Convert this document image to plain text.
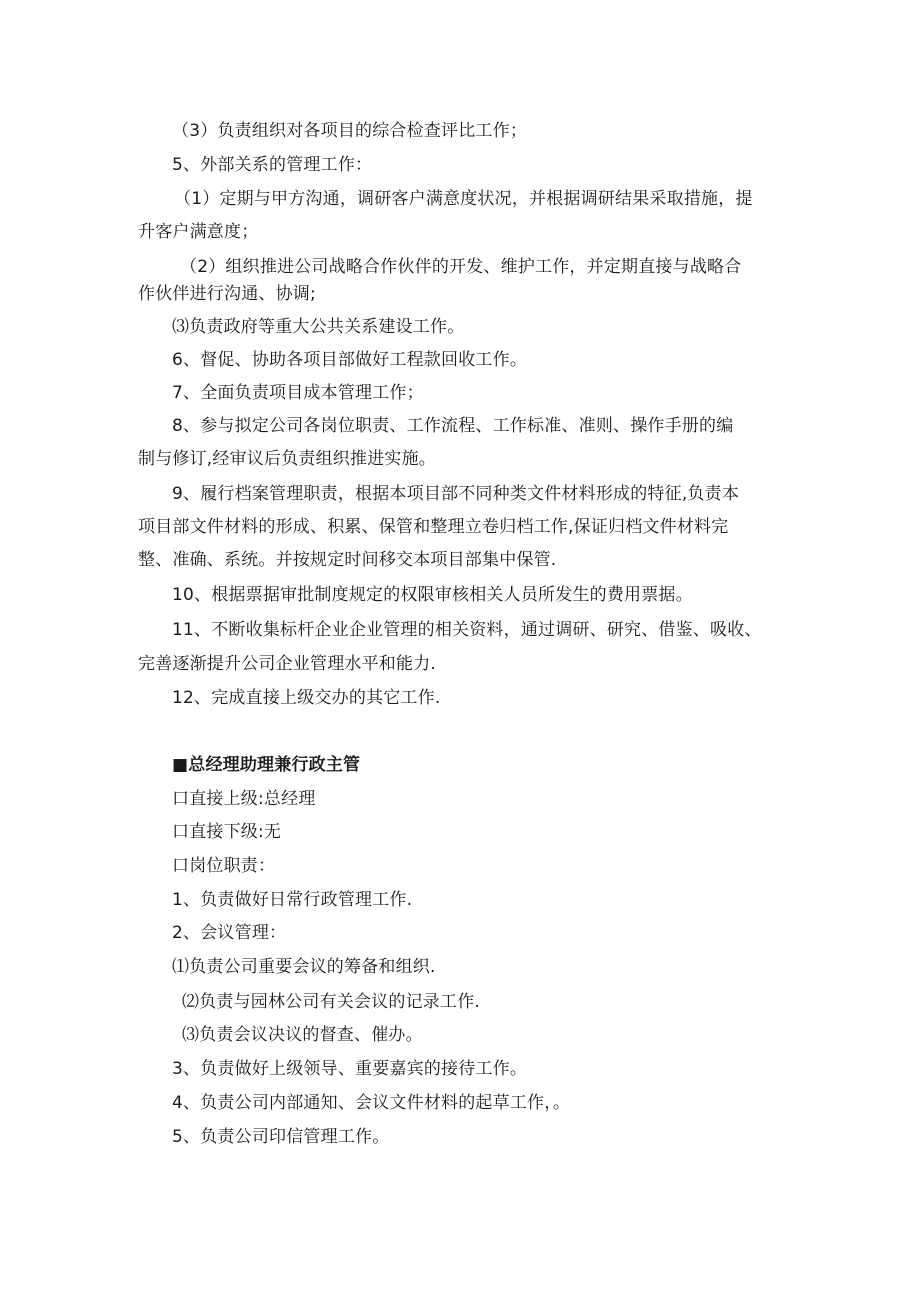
（3）负责组织对各项目的综合检查评比工作；
5、外部关系的管理工作：
（1）定期与甲方沟通，调研客户满意度状况，并根据调研结果采取措施，提
升客户满意度；
（2）组织推进公司战略合作伙伴的开发、维护工作，并定期直接与战略合
作伙伴进行沟通、协调;
⑶负责政府等重大公共关系建设工作。
6、督促、协助各项目部做好工程款回收工作。
7、全面负责项目成本管理工作；
8、参与拟定公司各岗位职责、工作流程、工作标准、准则、操作手册的编
制与修订,经审议后负责组织推进实施。
9、履行档案管理职责，根据本项目部不同种类文件材料形成的特征,负责本
项目部文件材料的形成、积累、保管和整理立卷归档工作,保证归档文件材料完
整、准确、系统。并按规定时间移交本项目部集中保管.
10、根据票据审批制度规定的权限审核相关人员所发生的费用票据。
11、不断收集标杆企业企业管理的相关资料，通过调研、研究、借鉴、吸收、
完善逐渐提升公司企业管理水平和能力.
12、完成直接上级交办的其它工作.
■总经理助理兼行政主管
口直接上级:总经理
口直接下级:无
口岗位职责：
1、负责做好日常行政管理工作.
2、会议管理：
⑴负责公司重要会议的筹备和组织.
⑵负责与园林公司有关会议的记录工作.
⑶负责会议决议的督查、催办。
3、负责做好上级领导、重要嘉宾的接待工作。
4、负责公司内部通知、会议文件材料的起草工作，。
5、负责公司印信管理工作。
